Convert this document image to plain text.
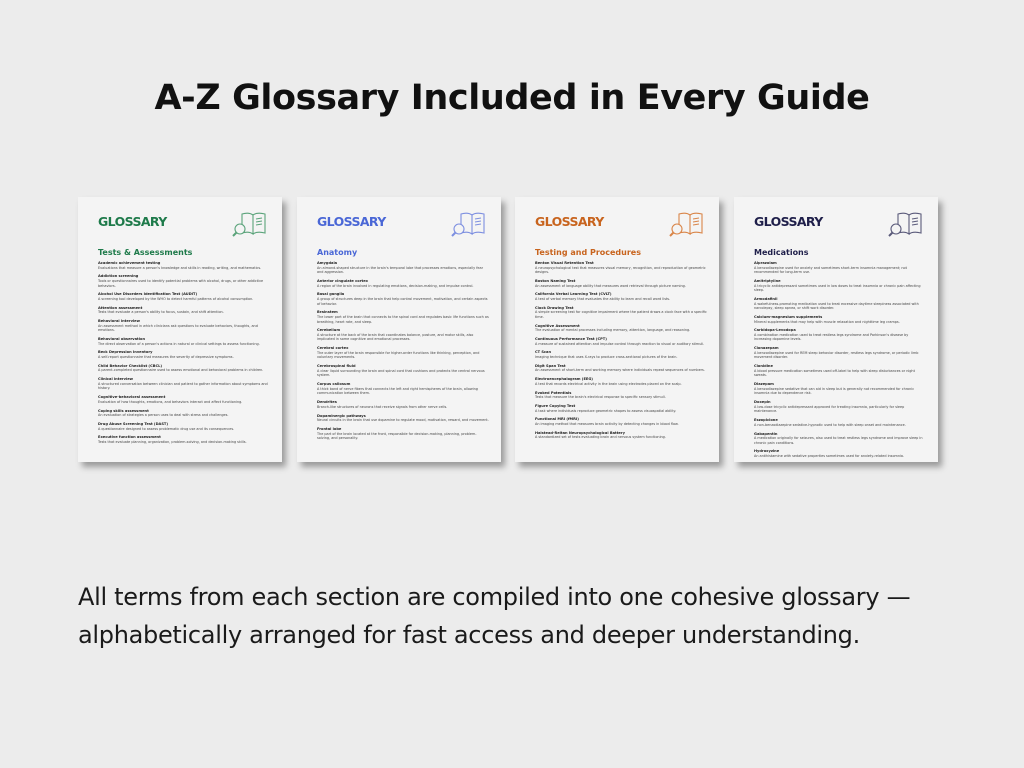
A-Z Glossary Included in Every Guide
GLOSSARY
Tests & Assessments
Academic achievement testing
Evaluations that measure a person's knowledge and skills in reading, writing, and mathematics.
Addiction screening
Tools or questionnaires used to identify potential problems with alcohol, drugs, or other addictive behaviors.
Alcohol Use Disorders Identification Test (AUDIT)
A screening tool developed by the WHO to detect harmful patterns of alcohol consumption.
Attention assessment
Tests that evaluate a person's ability to focus, sustain, and shift attention.
Behavioral interview
An assessment method in which clinicians ask questions to evaluate behaviors, thoughts, and emotions.
Behavioral observation
The direct observation of a person's actions in natural or clinical settings to assess functioning.
Beck Depression Inventory
A self-report questionnaire that measures the severity of depressive symptoms.
Child Behavior Checklist (CBCL)
A parent-completed questionnaire used to assess emotional and behavioral problems in children.
Clinical interview
A structured conversation between clinician and patient to gather information about symptoms and history.
Cognitive-behavioral assessment
Evaluation of how thoughts, emotions, and behaviors interact and affect functioning.
Coping skills assessment
An evaluation of strategies a person uses to deal with stress and challenges.
Drug Abuse Screening Test (DAST)
A questionnaire designed to assess problematic drug use and its consequences.
Executive function assessment
Tests that evaluate planning, organization, problem-solving, and decision-making skills.
GLOSSARY
Anatomy
Amygdala
An almond-shaped structure in the brain's temporal lobe that processes emotions, especially fear and aggression.
Anterior cingulate cortex
A region of the brain involved in regulating emotions, decision-making, and impulse control.
Basal ganglia
A group of structures deep in the brain that help control movement, motivation, and certain aspects of behavior.
Brainstem
The lower part of the brain that connects to the spinal cord and regulates basic life functions such as breathing, heart rate, and sleep.
Cerebellum
A structure at the back of the brain that coordinates balance, posture, and motor skills, also implicated in some cognitive and emotional processes.
Cerebral cortex
The outer layer of the brain responsible for higher-order functions like thinking, perception, and voluntary movements.
Cerebrospinal fluid
A clear liquid surrounding the brain and spinal cord that cushions and protects the central nervous system.
Corpus callosum
A thick band of nerve fibers that connects the left and right hemispheres of the brain, allowing communication between them.
Dendrites
Branch-like structures of neurons that receive signals from other nerve cells.
Dopaminergic pathways
Neural circuits in the brain that use dopamine to regulate mood, motivation, reward, and movement.
Frontal lobe
The part of the brain located at the front, responsible for decision-making, planning, problem-solving, and personality.
GLOSSARY
Testing and Procedures
Benton Visual Retention Test
A neuropsychological test that measures visual memory, recognition, and reproduction of geometric designs.
Boston Naming Test
An assessment of language ability that measures word retrieval through picture naming.
California Verbal Learning Test (CVLT)
A test of verbal memory that evaluates the ability to learn and recall word lists.
Clock Drawing Test
A simple screening test for cognitive impairment where the patient draws a clock face with a specific time.
Cognitive Assessment
The evaluation of mental processes including memory, attention, language, and reasoning.
Continuous Performance Test (CPT)
A measure of sustained attention and impulse control through reaction to visual or auditory stimuli.
CT Scan
Imaging technique that uses X-rays to produce cross-sectional pictures of the brain.
Digit Span Test
An assessment of short-term and working memory where individuals repeat sequences of numbers.
Electroencephalogram (EEG)
A test that records electrical activity in the brain using electrodes placed on the scalp.
Evoked Potentials
Tests that measure the brain's electrical response to specific sensory stimuli.
Figure Copying Test
A task where individuals reproduce geometric shapes to assess visuospatial ability.
Functional MRI (fMRI)
An imaging method that measures brain activity by detecting changes in blood flow.
Halstead-Reitan Neuropsychological Battery
A standardized set of tests evaluating brain and nervous system functioning.
GLOSSARY
Medications
Alprazolam
A benzodiazepine used for anxiety and sometimes short-term insomnia management; not recommended for long-term use.
Amitriptyline
A tricyclic antidepressant sometimes used in low doses to treat insomnia or chronic pain affecting sleep.
Armodafinil
A wakefulness-promoting medication used to treat excessive daytime sleepiness associated with narcolepsy, sleep apnea, or shift work disorder.
Calcium-magnesium supplements
Mineral supplements that may help with muscle relaxation and nighttime leg cramps.
Carbidopa-Levodopa
A combination medication used to treat restless legs syndrome and Parkinson's disease by increasing dopamine levels.
Clonazepam
A benzodiazepine used for REM sleep behavior disorder, restless legs syndrome, or periodic limb movement disorder.
Clonidine
A blood pressure medication sometimes used off-label to help with sleep disturbances or night sweats.
Diazepam
A benzodiazepine sedative that can aid in sleep but is generally not recommended for chronic insomnia due to dependence risk.
Doxepin
A low-dose tricyclic antidepressant approved for treating insomnia, particularly for sleep maintenance.
Eszopiclone
A non-benzodiazepine sedative-hypnotic used to help with sleep onset and maintenance.
Gabapentin
A medication originally for seizures, also used to treat restless legs syndrome and improve sleep in chronic pain conditions.
Hydroxyzine
An antihistamine with sedative properties sometimes used for anxiety-related insomnia.

All terms from each section are compiled into one cohesive glossary — alphabetically arranged for fast access and deeper understanding.
